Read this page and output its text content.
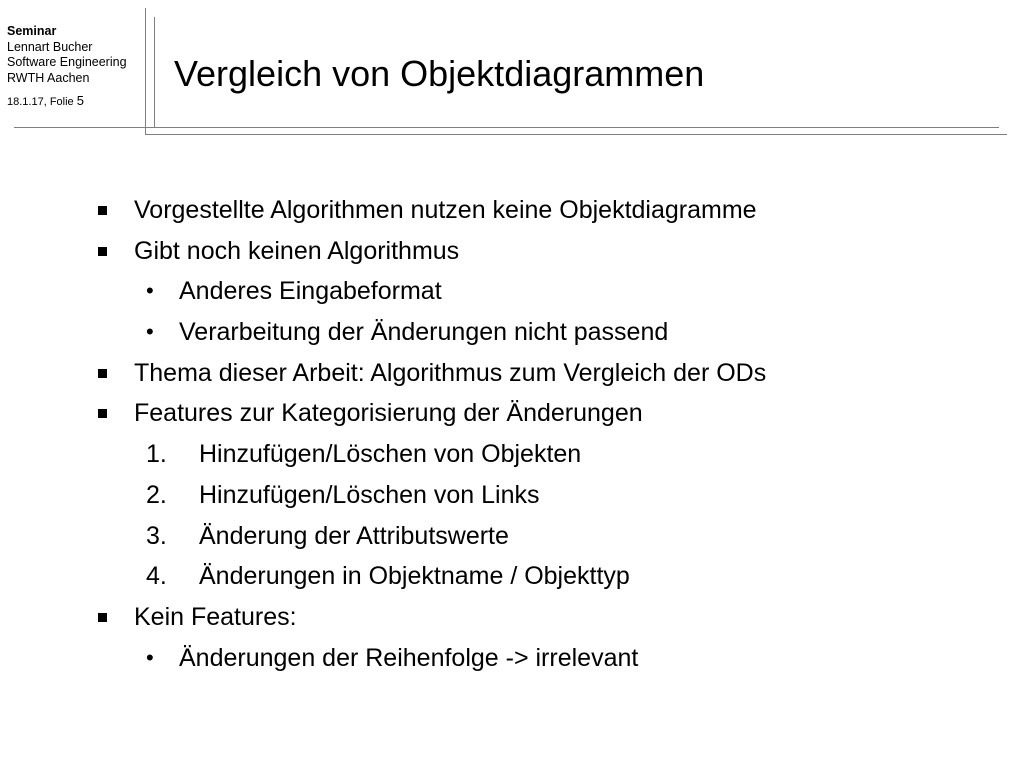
Seminar
Lennart Bucher
Software Engineering
RWTH Aachen
18.1.17, Folie 5
Vergleich von Objektdiagrammen
Vorgestellte Algorithmen nutzen keine Objektdiagramme
Gibt noch keinen Algorithmus
• Anderes Eingabeformat
• Verarbeitung der Änderungen nicht passend
Thema dieser Arbeit: Algorithmus zum Vergleich der ODs
Features zur Kategorisierung der Änderungen
1. Hinzufügen/Löschen von Objekten
2. Hinzufügen/Löschen von Links
3. Änderung der Attributswerte
4. Änderungen in Objektname / Objekttyp
Kein Features:
• Änderungen der Reihenfolge -> irrelevant
